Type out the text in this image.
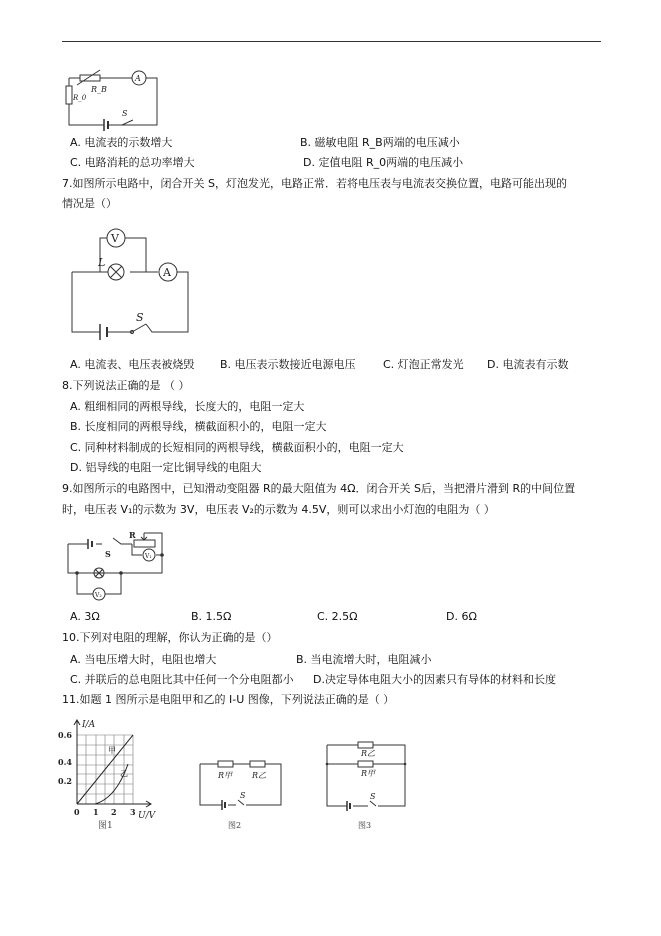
A
R_B
R_0
S
A. 电流表的示数增大	B. 磁敏电阻 R_B两端的电压减小
C. 电路消耗的总功率增大	D. 定值电阻 R_0两端的电压减小
7.如图所示电路中，闭合开关 S，灯泡发光，电路正常．若将电压表与电流表交换位置，电路可能出现的
情况是（）
V
A
L
S
A. 电流表、电压表被烧毁 B. 电压表示数接近电源电压 C. 灯泡正常发光 D. 电流表有示数
8.下列说法正确的是 （ ）
A. 粗细相同的两根导线，长度大的，电阻一定大
B. 长度相同的两根导线，横截面积小的，电阻一定大
C. 同种材料制成的长短相同的两根导线，横截面积小的，电阻一定大
D. 铝导线的电阻一定比铜导线的电阻大
9.如图所示的电路图中，已知滑动变阻器 R的最大阻值为 4Ω．闭合开关 S后，当把滑片滑到 R的中间位置
时，电压表 V₁的示数为 3V，电压表 V₂的示数为 4.5V，则可以求出小灯泡的电阻为（ ）
R
S	V₁
V₂
A. 3Ω	B. 1.5Ω	C. 2.5Ω	D. 6Ω
10.下列对电阻的理解，你认为正确的是（）
A. 当电压增大时，电阻也增大	B. 当电流增大时，电阻减小
C. 并联后的总电阻比其中任何一个分电阻都小 D.决定导体电阻大小的因素只有导体的材料和长度
11.如题 1 图所示是电阻甲和乙的 I-U 图像，下列说法正确的是（ ）
I/A
U/V
0.6
0.4
0.2
0 1 2 3
甲
乙
图1
R甲 R乙
S
图2
R乙
R甲
S
图3
